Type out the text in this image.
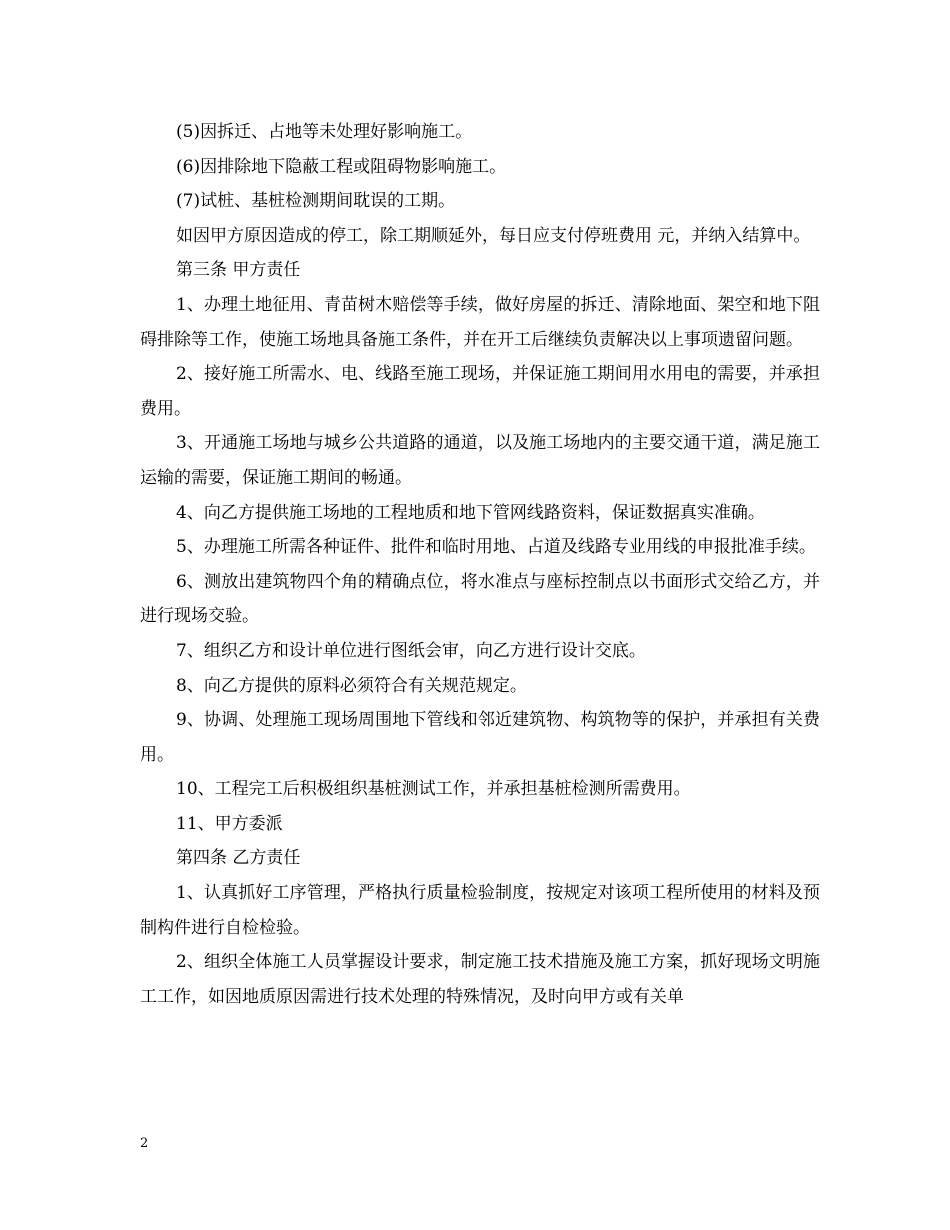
(5)因拆迁、占地等未处理好影响施工。

(6)因排除地下隐蔽工程或阻碍物影响施工。

(7)试桩、基桩检测期间耽误的工期。

如因甲方原因造成的停工，除工期顺延外，每日应支付停班费用 元，并纳入结算中。

第三条 甲方责任

1、办理土地征用、青苗树木赔偿等手续，做好房屋的拆迁、清除地面、架空和地下阻碍排除等工作，使施工场地具备施工条件，并在开工后继续负责解决以上事项遗留问题。

2、接好施工所需水、电、线路至施工现场，并保证施工期间用水用电的需要，并承担费用。

3、开通施工场地与城乡公共道路的通道，以及施工场地内的主要交通干道，满足施工运输的需要，保证施工期间的畅通。

4、向乙方提供施工场地的工程地质和地下管网线路资料，保证数据真实准确。

5、办理施工所需各种证件、批件和临时用地、占道及线路专业用线的申报批准手续。

6、测放出建筑物四个角的精确点位，将水准点与座标控制点以书面形式交给乙方，并进行现场交验。

7、组织乙方和设计单位进行图纸会审，向乙方进行设计交底。

8、向乙方提供的原料必须符合有关规范规定。

9、协调、处理施工现场周围地下管线和邻近建筑物、构筑物等的保护，并承担有关费用。

10、工程完工后积极组织基桩测试工作，并承担基桩检测所需费用。

11、甲方委派

第四条 乙方责任

1、认真抓好工序管理，严格执行质量检验制度，按规定对该项工程所使用的材料及预制构件进行自检检验。

2、组织全体施工人员掌握设计要求，制定施工技术措施及施工方案，抓好现场文明施工工作，如因地质原因需进行技术处理的特殊情况，及时向甲方或有关单

2
